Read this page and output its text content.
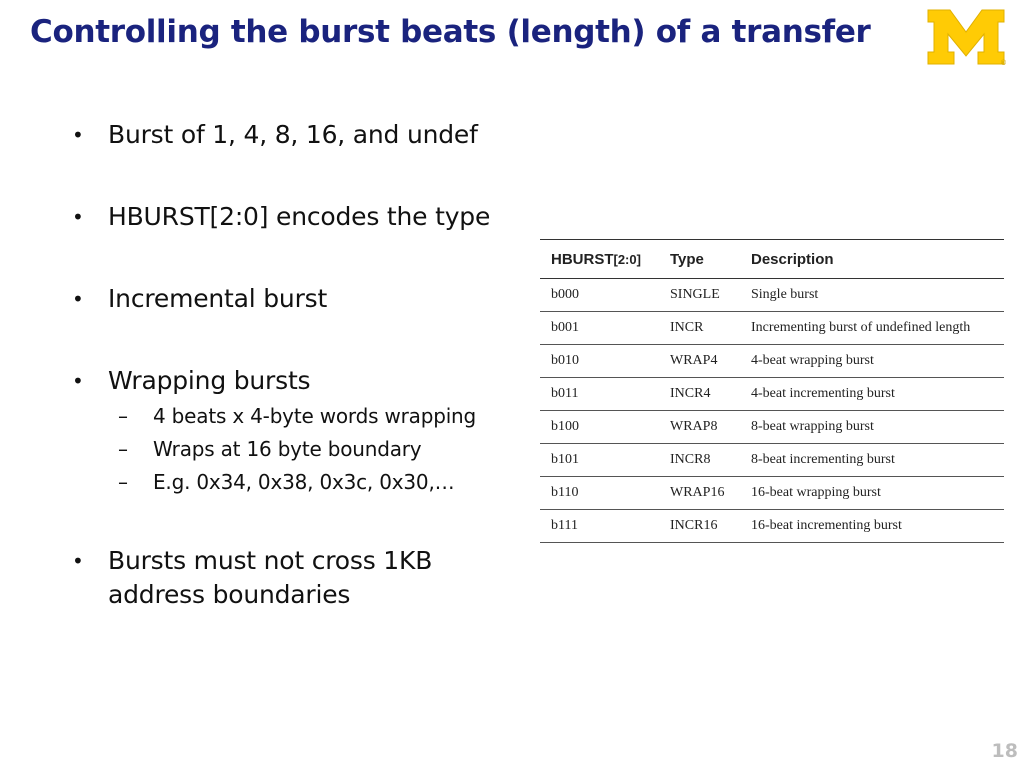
Controlling the burst beats (length) of a transfer
®
• Burst of 1, 4, 8, 16, and undef
• HBURST[2:0] encodes the type
• Incremental burst
• Wrapping bursts
– 4 beats x 4-byte words wrapping
– Wraps at 16 byte boundary
– E.g. 0x34, 0x38, 0x3c, 0x30,…
• Bursts must not cross 1KB address boundaries
HBURST[2:0]	Type	Description
b000	SINGLE	Single burst
b001	INCR	Incrementing burst of undefined length
b010	WRAP4	4-beat wrapping burst
b011	INCR4	4-beat incrementing burst
b100	WRAP8	8-beat wrapping burst
b101	INCR8	8-beat incrementing burst
b110	WRAP16	16-beat wrapping burst
b111	INCR16	16-beat incrementing burst
18
